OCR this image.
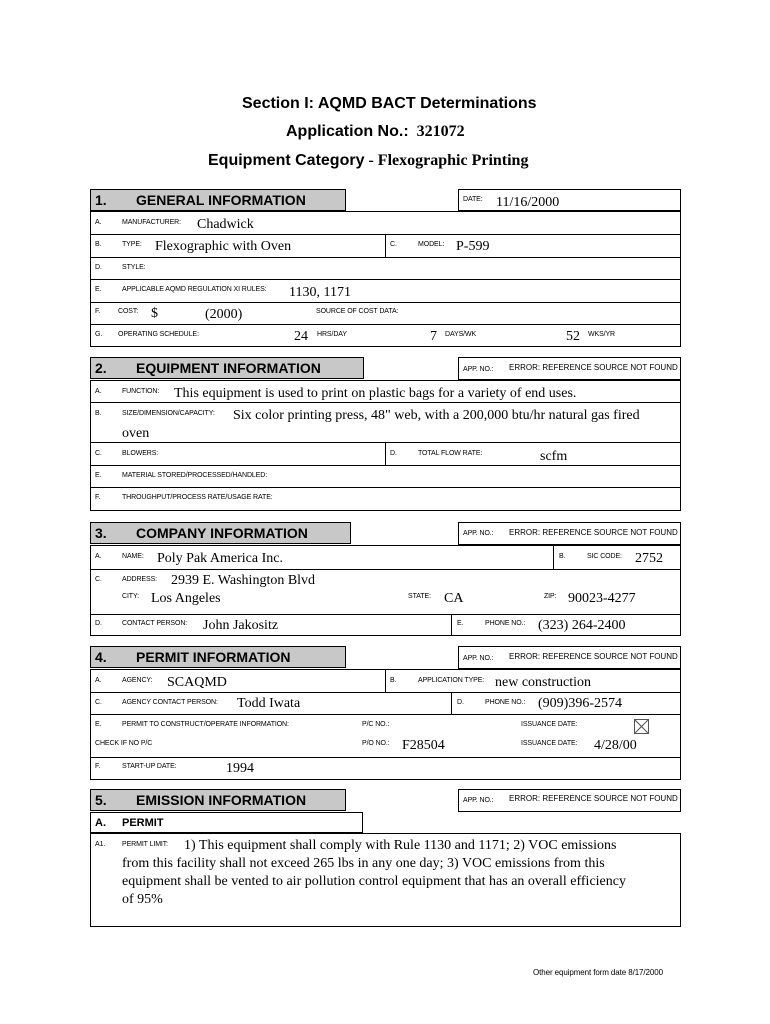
Section I: AQMD BACT Determinations
Application No.: 321072
Equipment Category - Flexographic Printing
1. GENERAL INFORMATION	DATE: 11/16/2000
A.	MANUFACTURER: Chadwick
B.	TYPE: Flexographic with Oven	C.	MODEL: P-599
D.	STYLE:
E.	APPLICABLE AQMD REGULATION XI RULES: 1130, 1171
F.	COST: $	(2000)	SOURCE OF COST DATA:
G. OPERATING SCHEDULE:	24 HRS/DAY	7 DAYS/WK	52 WKS/YR
2. EQUIPMENT INFORMATION	APP. NO.: ERROR: REFERENCE SOURCE NOT FOUND
A.	FUNCTION: This equipment is used to print on plastic bags for a variety of end uses.
B.	SIZE/DIMENSION/CAPACITY: Six color printing press, 48" web, with a 200,000 btu/hr natural gas fired
oven
C.	BLOWERS:	D.	TOTAL FLOW RATE:	scfm
E.	MATERIAL STORED/PROCESSED/HANDLED:
F.	THROUGHPUT/PROCESS RATE/USAGE RATE:
3. COMPANY INFORMATION	APP. NO.: ERROR: REFERENCE SOURCE NOT FOUND
A.	NAME: Poly Pak America Inc.	B.	SIC CODE: 2752
C.	ADDRESS: 2939 E. Washington Blvd
CITY: Los Angeles	STATE: CA	ZIP: 90023-4277
D.	CONTACT PERSON: John Jakositz	E.	PHONE NO.: (323) 264-2400
4. PERMIT INFORMATION	APP. NO.: ERROR: REFERENCE SOURCE NOT FOUND
A.	AGENCY: SCAQMD	B.	APPLICATION TYPE: new construction
C.	AGENCY CONTACT PERSON: Todd Iwata	D.	PHONE NO.: (909)396-2574
E.	PERMIT TO CONSTRUCT/OPERATE INFORMATION:	P/C NO.:	ISSUANCE DATE:
CHECK IF NO P/C	P/O NO.: F28504	ISSUANCE DATE: 4/28/00
F.	START-UP DATE:	1994
5. EMISSION INFORMATION	APP. NO.: ERROR: REFERENCE SOURCE NOT FOUND
A. PERMIT
A1. PERMIT LIMIT: 1) This equipment shall comply with Rule 1130 and 1171; 2) VOC emissions
from this facility shall not exceed 265 lbs in any one day; 3) VOC emissions from this
equipment shall be vented to air pollution control equipment that has an overall efficiency
of 95%
Other equipment form date 8/17/2000
